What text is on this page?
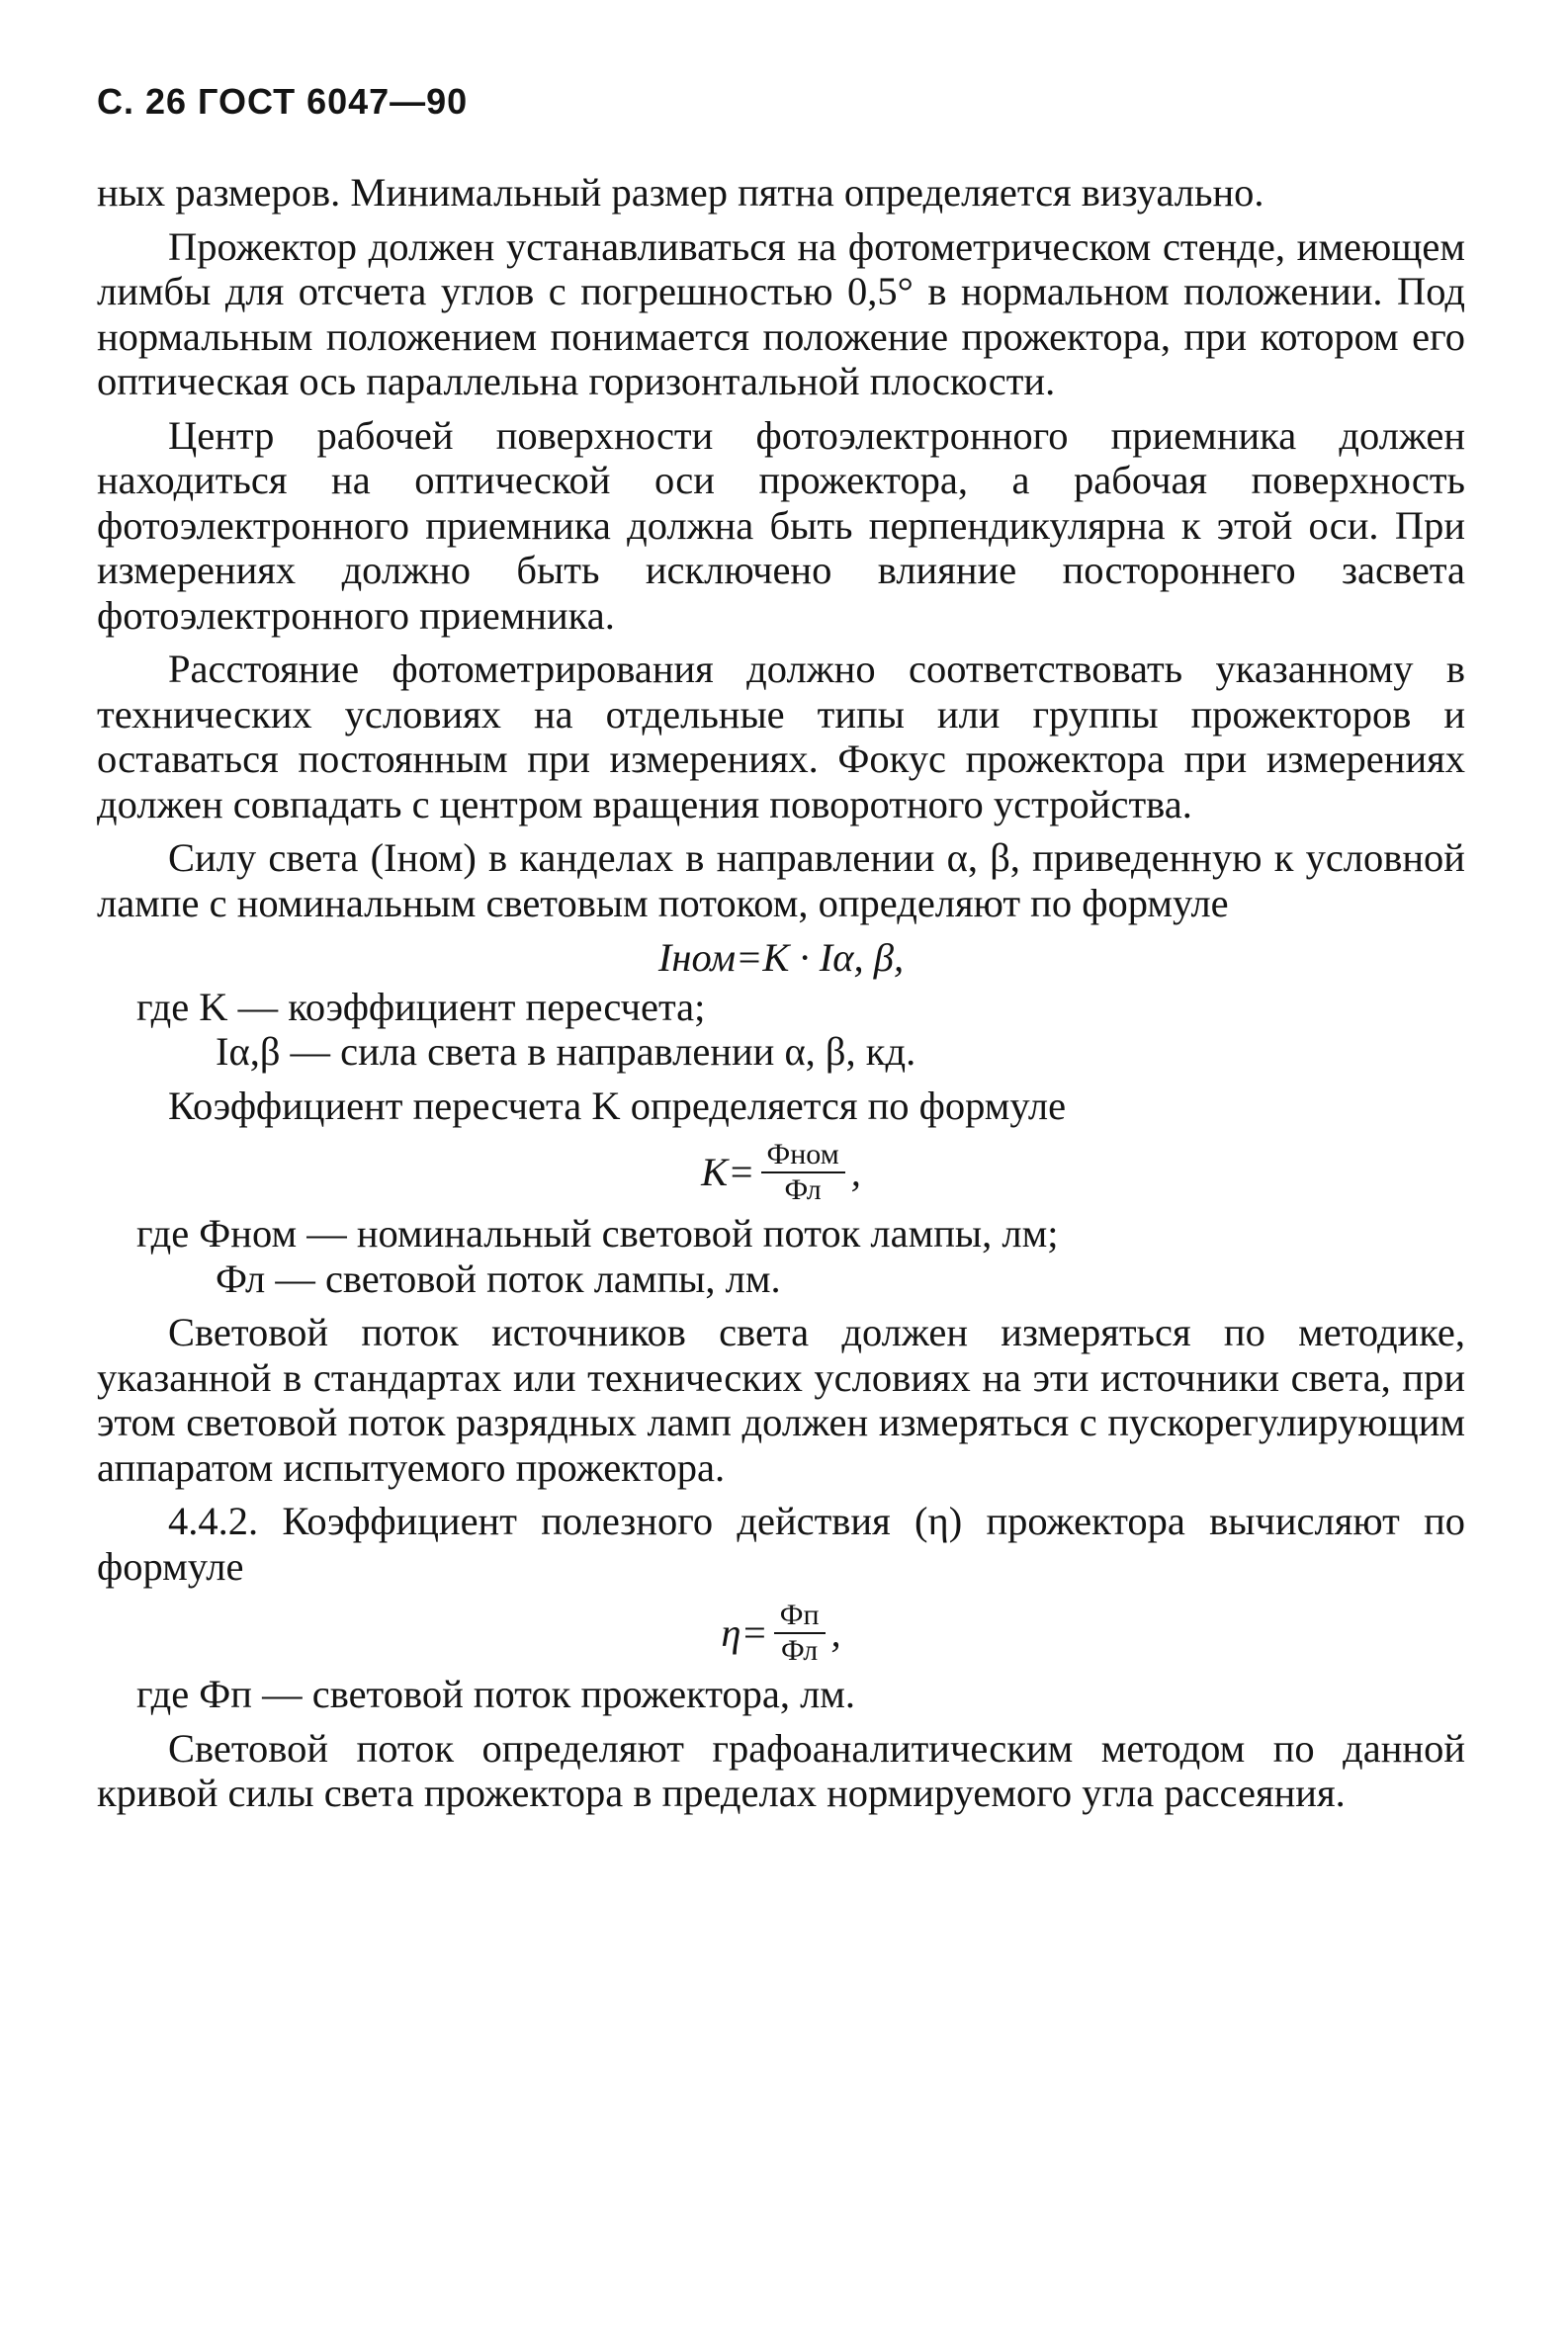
С. 26 ГОСТ 6047—90

ных размеров. Минимальный размер пятна определяется визуально.

Прожектор должен устанавливаться на фотометрическом стенде, имеющем лимбы для отсчета углов с погрешностью 0,5° в нормальном положении. Под нормальным положением понимается положение прожектора, при котором его оптическая ось параллельна горизонтальной плоскости.

Центр рабочей поверхности фотоэлектронного приемника должен находиться на оптической оси прожектора, а рабочая поверхность фотоэлектронного приемника должна быть перпендикулярна к этой оси. При измерениях должно быть исключено влияние постороннего засвета фотоэлектронного приемника.

Расстояние фотометрирования должно соответствовать указанному в технических условиях на отдельные типы или группы прожекторов и оставаться постоянным при измерениях. Фокус прожектора при измерениях должен совпадать с центром вращения поворотного устройства.

Силу света (Iном) в канделах в направлении α, β, приведенную к условной лампе с номинальным световым потоком, определяют по формуле

Iном=K · Iα, β,

где K — коэффициент пересчета;

Iα,β — сила света в направлении α, β, кд.

Коэффициент пересчета K определяется по формуле

$K= \frac{\text{Фном}}{Фл}$ ,

где Фном — номинальный световой поток лампы, лм;

Фл — световой поток лампы, лм.

Световой поток источников света должен измеряться по методике, указанной в стандартах или технических условиях на эти источники света, при этом световой поток разрядных ламп должен измеряться с пускорегулирующим аппаратом испытуемого прожектора.

4.4.2. Коэффициент полезного действия (η) прожектора вычисляют по формуле

$\eta= \frac{Фп}{Фл}$ ,

где Фп — световой поток прожектора, лм.

Световой поток определяют графоаналитическим методом по данной кривой силы света прожектора в пределах нормируемого угла рассеяния.
